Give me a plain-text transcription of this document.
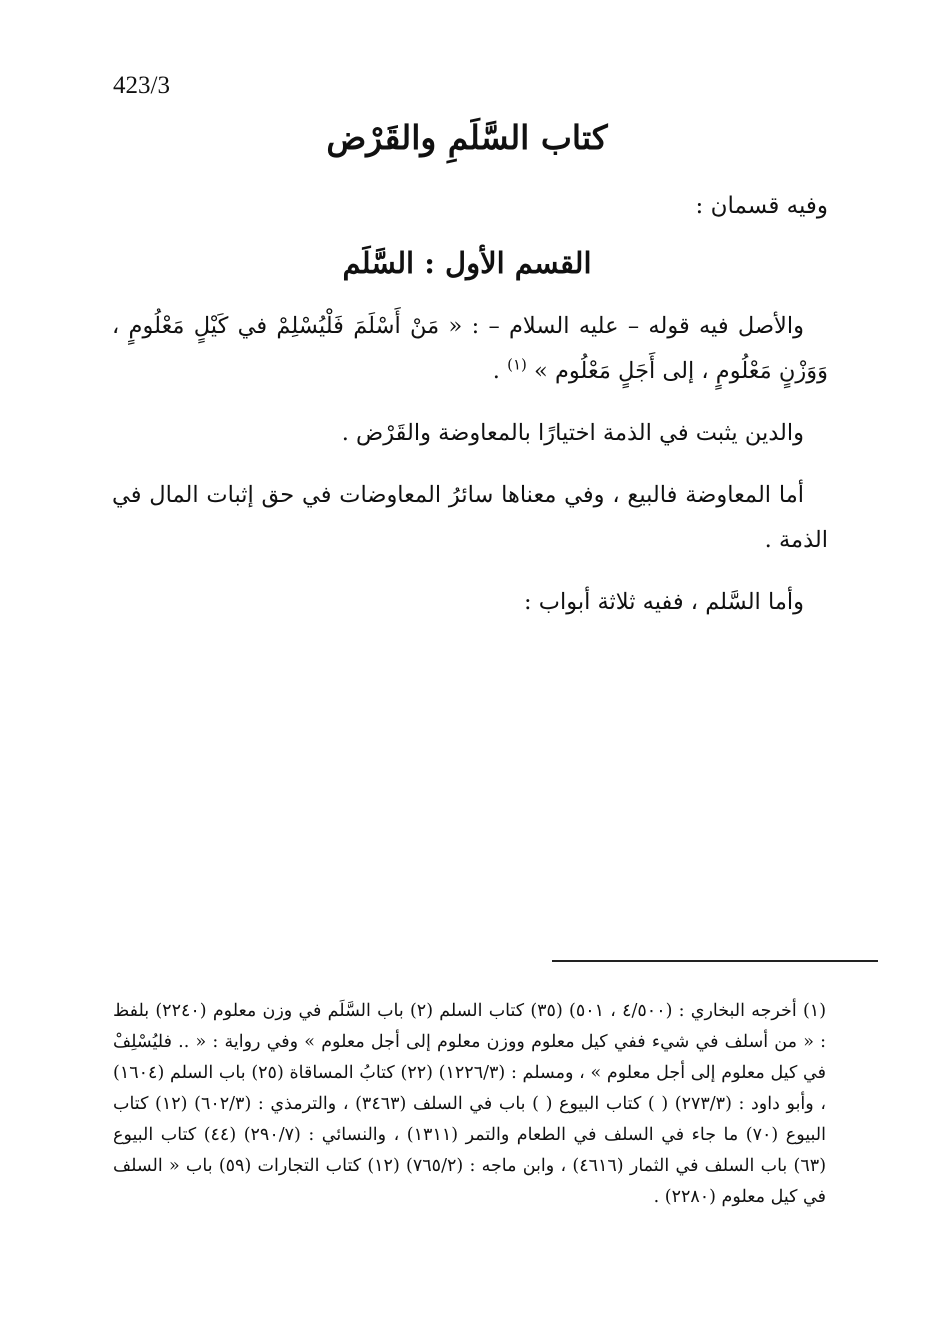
423/3
كتاب السَّلَمِ والقَرْض
وفيه قسمان :
القسم الأول : السَّلَم

والأصل فيه قوله – عليه السلام – : « مَنْ أَسْلَمَ فَلْيُسْلِمْ في كَيْلٍ مَعْلُومٍ ، وَوَزْنٍ مَعْلُومٍ ، إلى أَجَلٍ مَعْلُوم » $^{(١)}$ .

والدين يثبت في الذمة اختيارًا بالمعاوضة والقَرْض .

أما المعاوضة فالبيع ، وفي معناها سائرُ المعاوضات في حق إثبات المال في الذمة .

وأما السَّلم ، ففيه ثلاثة أبواب :

(١) أخرجه البخاري : (٤/٥٠٠ ، ٥٠١) (٣٥) كتاب السلم (٢) باب السَّلَم في وزن معلوم (٢٢٤٠) بلفظ : « من أسلف في شيء ففي كيل معلوم ووزن معلوم إلى أجل معلوم » وفي رواية : « .. فليُسْلِفْ في كيل معلوم إلى أجل معلوم » ، ومسلم : (١٢٢٦/٣) (٢٢) كتابُ المساقاة (٢٥) باب السلم (١٦٠٤) ، وأبو داود : (٢٧٣/٣) ( ) كتاب البيوع ( ) باب في السلف (٣٤٦٣) ، والترمذي : (٦٠٢/٣) (١٢) كتاب البيوع (٧٠) ما جاء في السلف في الطعام والتمر (١٣١١) ، والنسائي : (٢٩٠/٧) (٤٤) كتاب البيوع (٦٣) باب السلف في الثمار (٤٦١٦) ، وابن ماجه : (٧٦٥/٢) (١٢) كتاب التجارات (٥٩) باب « السلف في كيل معلوم (٢٢٨٠) .
